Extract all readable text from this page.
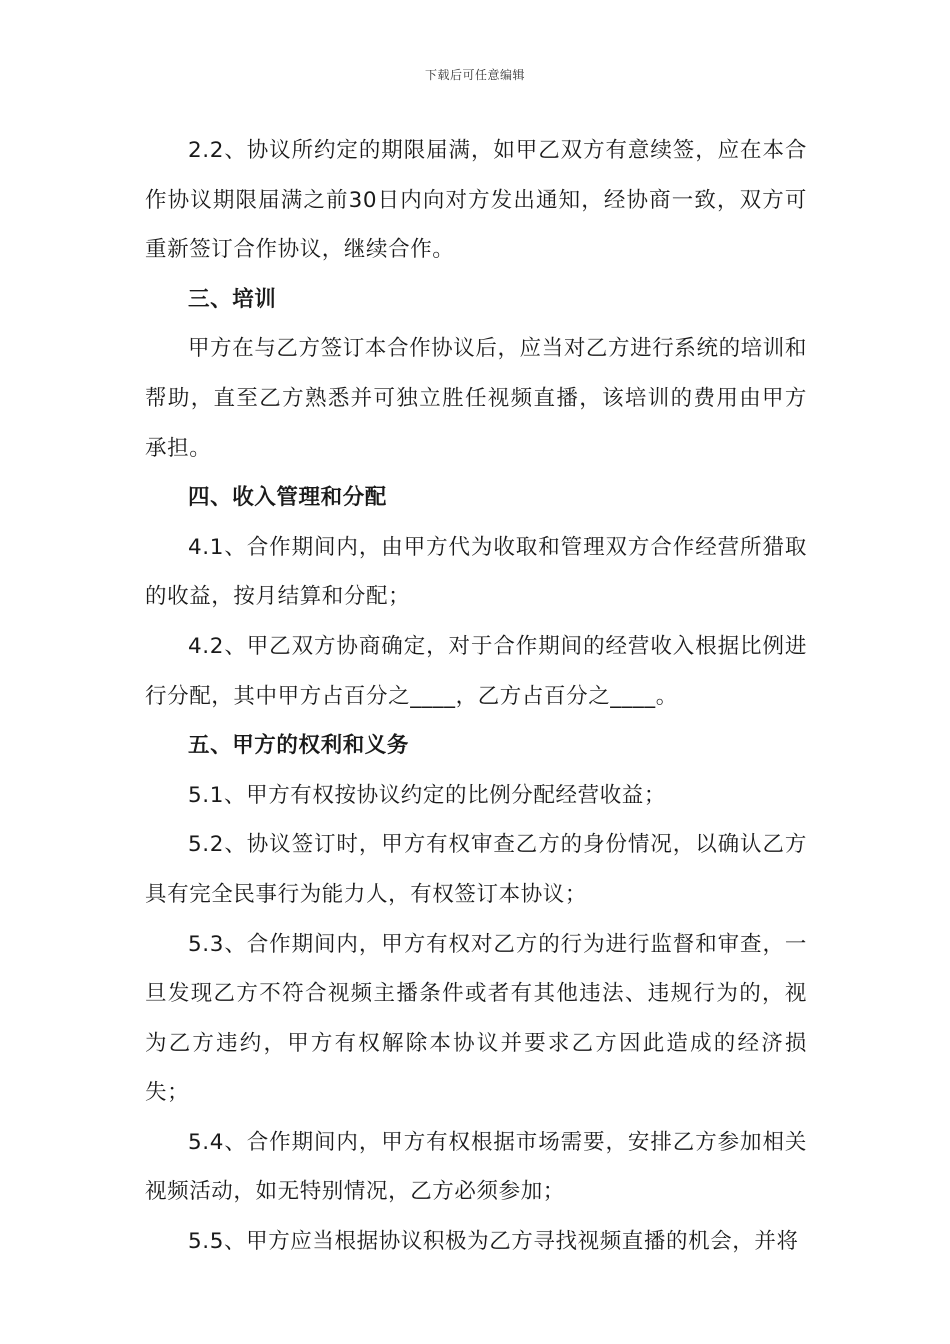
下载后可任意编辑

2.2、协议所约定的期限届满，如甲乙双方有意续签，应在本合作协议期限届满之前30日内向对方发出通知，经协商一致，双方可重新签订合作协议，继续合作。

三、培训

甲方在与乙方签订本合作协议后，应当对乙方进行系统的培训和帮助，直至乙方熟悉并可独立胜任视频直播，该培训的费用由甲方承担。

四、收入管理和分配

4.1、合作期间内，由甲方代为收取和管理双方合作经营所猎取的收益，按月结算和分配；

4.2、甲乙双方协商确定，对于合作期间的经营收入根据比例进行分配，其中甲方占百分之____，乙方占百分之____。

五、甲方的权利和义务

5.1、甲方有权按协议约定的比例分配经营收益；

5.2、协议签订时，甲方有权审查乙方的身份情况，以确认乙方具有完全民事行为能力人，有权签订本协议；

5.3、合作期间内，甲方有权对乙方的行为进行监督和审查，一旦发现乙方不符合视频主播条件或者有其他违法、违规行为的，视为乙方违约，甲方有权解除本协议并要求乙方因此造成的经济损失；

5.4、合作期间内，甲方有权根据市场需要，安排乙方参加相关视频活动，如无特别情况，乙方必须参加；

5.5、甲方应当根据协议积极为乙方寻找视频直播的机会，并将
